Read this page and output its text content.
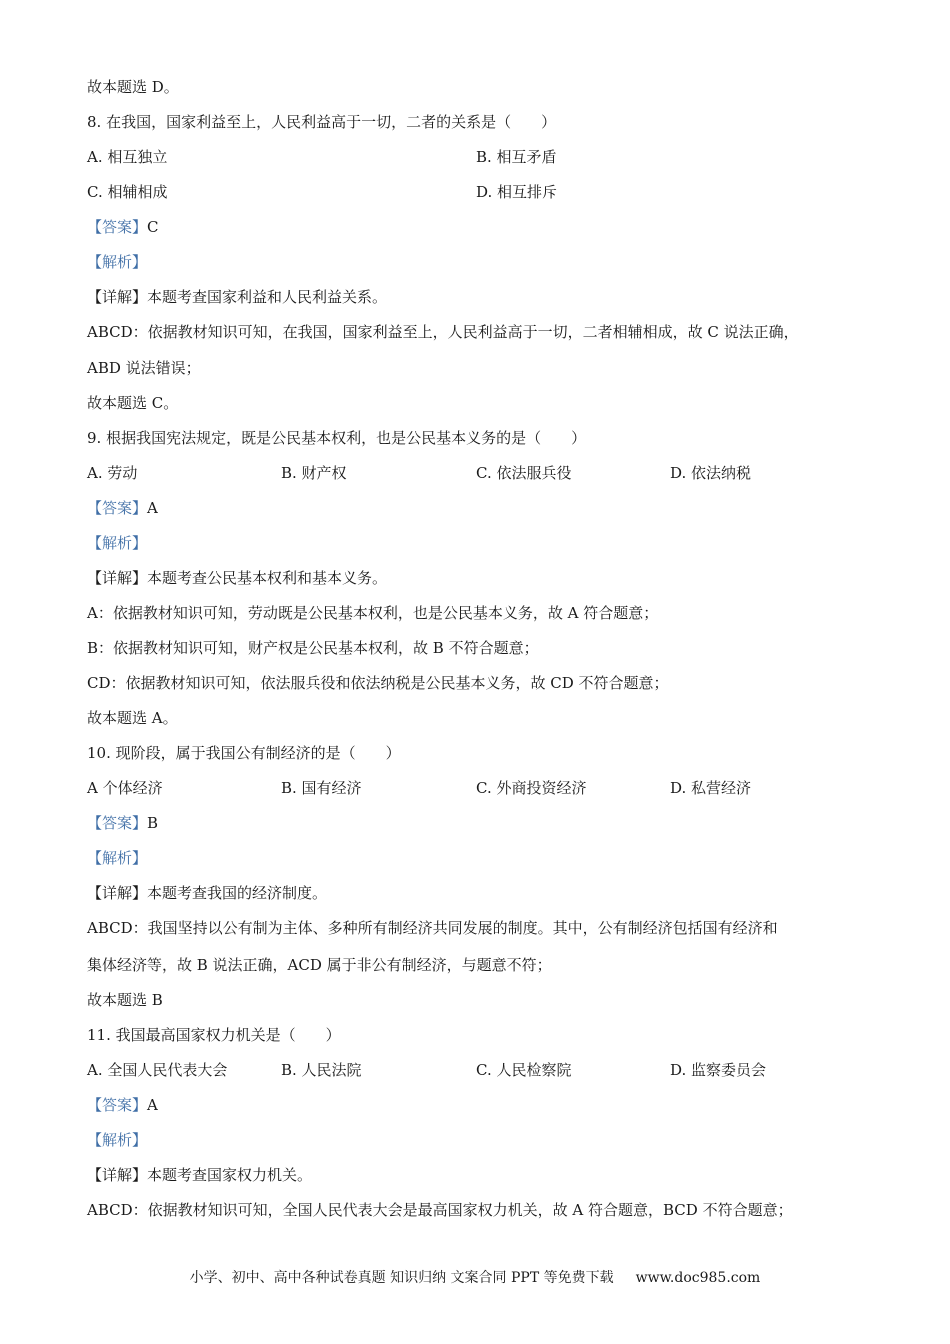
故本题选 D。
8. 在我国，国家利益至上，人民利益高于一切，二者的关系是（　　）
A. 相互独立	B. 相互矛盾
C. 相辅相成	D. 相互排斥
【答案】C
【解析】
【详解】本题考查国家利益和人民利益关系。
ABCD：依据教材知识可知，在我国，国家利益至上，人民利益高于一切，二者相辅相成，故 C 说法正确，
ABD 说法错误；
故本题选 C。
9. 根据我国宪法规定，既是公民基本权利，也是公民基本义务的是（　　）
A. 劳动	B. 财产权	C. 依法服兵役	D. 依法纳税
【答案】A
【解析】
【详解】本题考查公民基本权利和基本义务。
A：依据教材知识可知，劳动既是公民基本权利，也是公民基本义务，故 A 符合题意；
B：依据教材知识可知，财产权是公民基本权利，故 B 不符合题意；
CD：依据教材知识可知，依法服兵役和依法纳税是公民基本义务，故 CD 不符合题意；
故本题选 A。
10. 现阶段，属于我国公有制经济的是（　　）
A 个体经济	B. 国有经济	C. 外商投资经济	D. 私营经济
【答案】B
【解析】
【详解】本题考查我国的经济制度。
ABCD：我国坚持以公有制为主体、多种所有制经济共同发展的制度。其中，公有制经济包括国有经济和
集体经济等，故 B 说法正确，ACD 属于非公有制经济，与题意不符；
故本题选 B
11. 我国最高国家权力机关是（　　）
A. 全国人民代表大会	B. 人民法院	C. 人民检察院	D. 监察委员会
【答案】A
【解析】
【详解】本题考查国家权力机关。
ABCD：依据教材知识可知，全国人民代表大会是最高国家权力机关，故 A 符合题意，BCD 不符合题意；
小学、初中、高中各种试卷真题 知识归纳 文案合同 PPT 等免费下载 www.doc985.com
